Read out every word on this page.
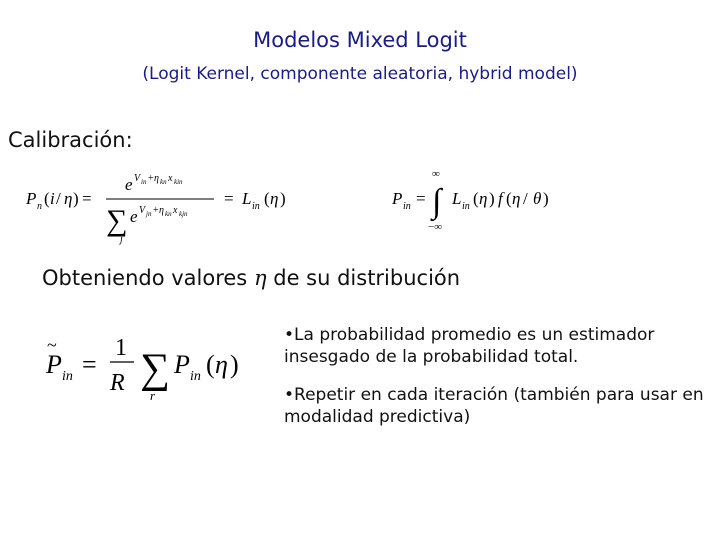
Modelos Mixed Logit
(Logit Kernel, componente aleatoria, hybrid model)
Calibración:
P n ( i / η ) =
e V in + η kn x kin
∑
j
e V jn + η kn x kjn
= L in ( η )	P in =
∞
∫
−∞
L in ( η ) f ( η / θ )
Obteniendo valores η de su distribución
P
~
in =
1
R ∑
r
P in ( η )
•La probabilidad promedio es un estimador insesgado de la probabilidad total.
•Repetir en cada iteración (también para usar en modalidad predictiva)
